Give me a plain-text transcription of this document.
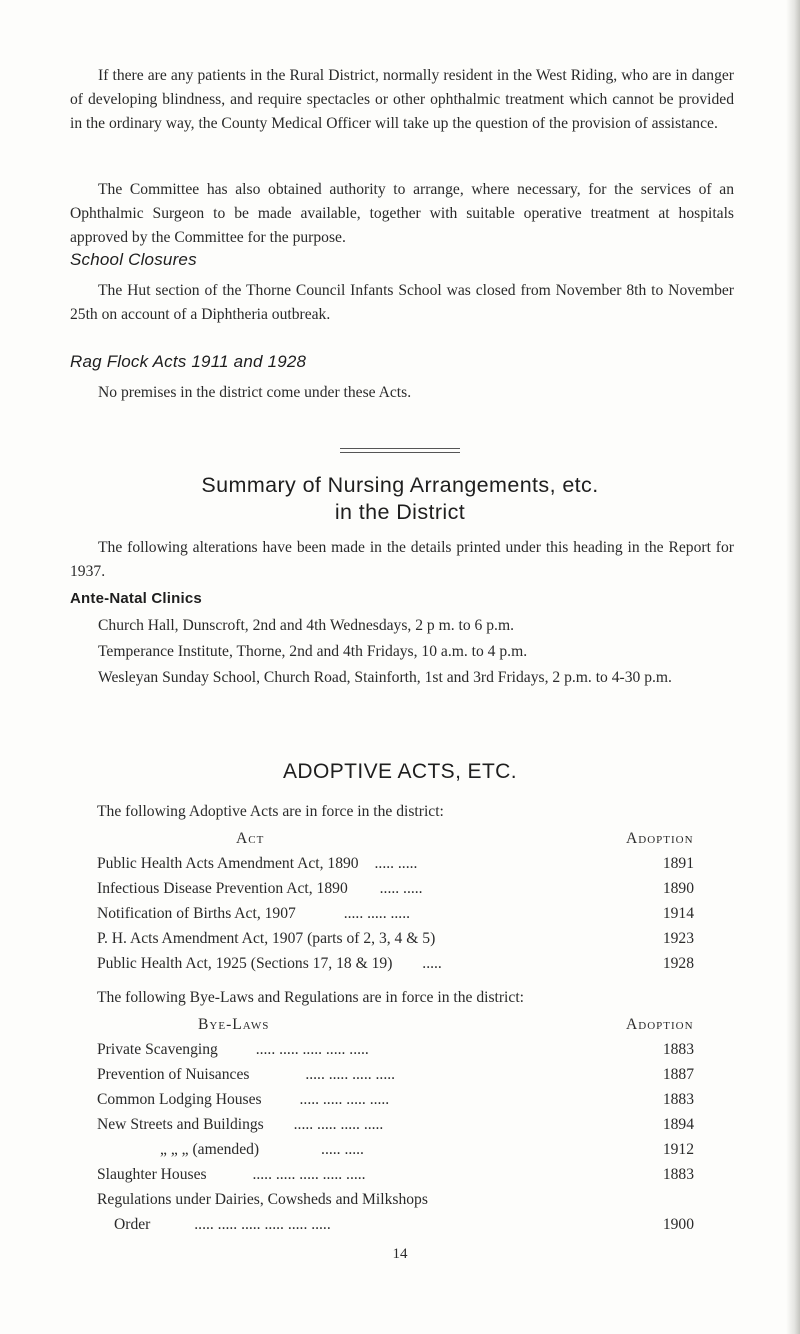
If there are any patients in the Rural District, normally resident in the West Riding, who are in danger of developing blindness, and require spectacles or other ophthalmic treatment which cannot be provided in the ordinary way, the County Medical Officer will take up the question of the provision of assistance.

The Committee has also obtained authority to arrange, where necessary, for the services of an Ophthalmic Surgeon to be made available, together with suitable operative treatment at hospitals approved by the Committee for the purpose.

School Closures

The Hut section of the Thorne Council Infants School was closed from November 8th to November 25th on account of a Diphtheria outbreak.

Rag Flock Acts 1911 and 1928

No premises in the district come under these Acts.

Summary of Nursing Arrangements, etc.
in the District

The following alterations have been made in the details printed under this heading in the Report for 1937.

Ante-Natal Clinics

Church Hall, Dunscroft, 2nd and 4th Wednesdays, 2 p m. to 6 p.m.

Temperance Institute, Thorne, 2nd and 4th Fridays, 10 a.m. to 4 p.m.

Wesleyan Sunday School, Church Road, Stainforth, 1st and 3rd Fridays, 2 p.m. to 4-30 p.m.

ADOPTIVE ACTS, ETC.

The following Adoptive Acts are in force in the district:

Act	Adoption
Public Health Acts Amendment Act, 1890 ..... .....	1891
Infectious Disease Prevention Act, 1890 ..... .....	1890
Notification of Births Act, 1907	..... ..... .....	1914
P. H. Acts Amendment Act, 1907 (parts of 2, 3, 4 & 5)	1923
Public Health Act, 1925 (Sections 17, 18 & 19) .....	1928

The following Bye-Laws and Regulations are in force in the district:

Bye-Laws	Adoption
Private Scavenging ..... ..... ..... ..... .....	1883
Prevention of Nuisances	..... ..... ..... .....	1887
Common Lodging Houses ..... ..... ..... .....	1883
New Streets and Buildings ..... ..... ..... .....	1894
„ „ „ (amended)	..... .....	1912
Slaughter Houses	..... ..... ..... ..... .....	1883
Regulations under Dairies, Cowsheds and Milkshops
Order	..... ..... ..... ..... ..... .....	1900
14
